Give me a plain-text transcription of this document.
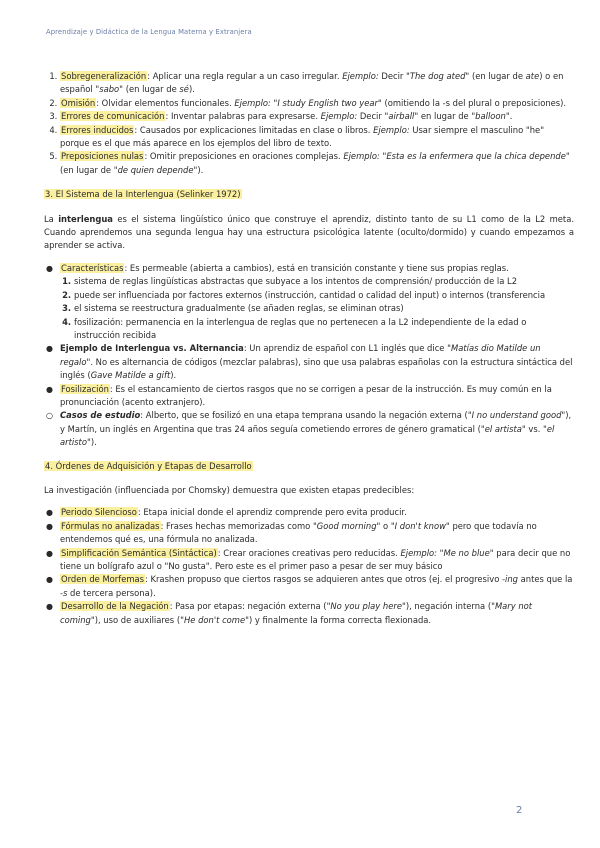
Aprendizaje y Didáctica de la Lengua Materna y Extranjera
1. Sobregeneralización: Aplicar una regla regular a un caso irregular. Ejemplo: Decir "The dog ated" (en lugar de ate) o en español "sabo" (en lugar de sé).
2. Omisión: Olvidar elementos funcionales. Ejemplo: "I study English two year" (omitiendo la -s del plural o preposiciones).
3. Errores de comunicación: Inventar palabras para expresarse. Ejemplo: Decir "airball" en lugar de "balloon".
4. Errores inducidos: Causados por explicaciones limitadas en clase o libros. Ejemplo: Usar siempre el masculino "he" porque es el que más aparece en los ejemplos del libro de texto.
5. Preposiciones nulas: Omitir preposiciones en oraciones complejas. Ejemplo: "Esta es la enfermera que la chica depende" (en lugar de "de quien depende").
3. El Sistema de la Interlengua (Selinker 1972)

La interlengua es el sistema lingüístico único que construye el aprendiz, distinto tanto de su L1 como de la L2 meta. Cuando aprendemos una segunda lengua hay una estructura psicológica latente (oculto/dormido) y cuando empezamos a aprender se activa.

● Características: Es permeable (abierta a cambios), está en transición constante y tiene sus propias reglas.
1. sistema de reglas lingüísticas abstractas que subyace a los intentos de comprensión/ producción de la L2
2. puede ser influenciada por factores externos (instrucción, cantidad o calidad del input) o internos (transferencia
3. el sistema se reestructura gradualmente (se añaden reglas, se eliminan otras)
4. fosilización: permanencia en la interlengua de reglas que no pertenecen a la L2 independiente de la edad o instrucción recibida
● Ejemplo de Interlengua vs. Alternancia: Un aprendiz de español con L1 inglés que dice "Matías dio Matilde un regalo". No es alternancia de códigos (mezclar palabras), sino que usa palabras españolas con la estructura sintáctica del inglés (Gave Matilde a gift).
● Fosilización: Es el estancamiento de ciertos rasgos que no se corrigen a pesar de la instrucción. Es muy común en la pronunciación (acento extranjero).
○ Casos de estudio: Alberto, que se fosilizó en una etapa temprana usando la negación externa ("I no understand good"), y Martín, un inglés en Argentina que tras 24 años seguía cometiendo errores de género gramatical ("el artista" vs. "el artisto").
4. Órdenes de Adquisición y Etapas de Desarrollo

La investigación (influenciada por Chomsky) demuestra que existen etapas predecibles:

● Periodo Silencioso: Etapa inicial donde el aprendiz comprende pero evita producir.
● Fórmulas no analizadas: Frases hechas memorizadas como "Good morning" o "I don't know" pero que todavía no entendemos qué es, una fórmula no analizada.
● Simplificación Semántica (Sintáctica): Crear oraciones creativas pero reducidas. Ejemplo: "Me no blue" para decir que no tiene un bolígrafo azul o "No gusta". Pero este es el primer paso a pesar de ser muy básico
● Orden de Morfemas: Krashen propuso que ciertos rasgos se adquieren antes que otros (ej. el progresivo -ing antes que la -s de tercera persona).
● Desarrollo de la Negación: Pasa por etapas: negación externa ("No you play here"), negación interna ("Mary not coming"), uso de auxiliares ("He don't come") y finalmente la forma correcta flexionada.
2
